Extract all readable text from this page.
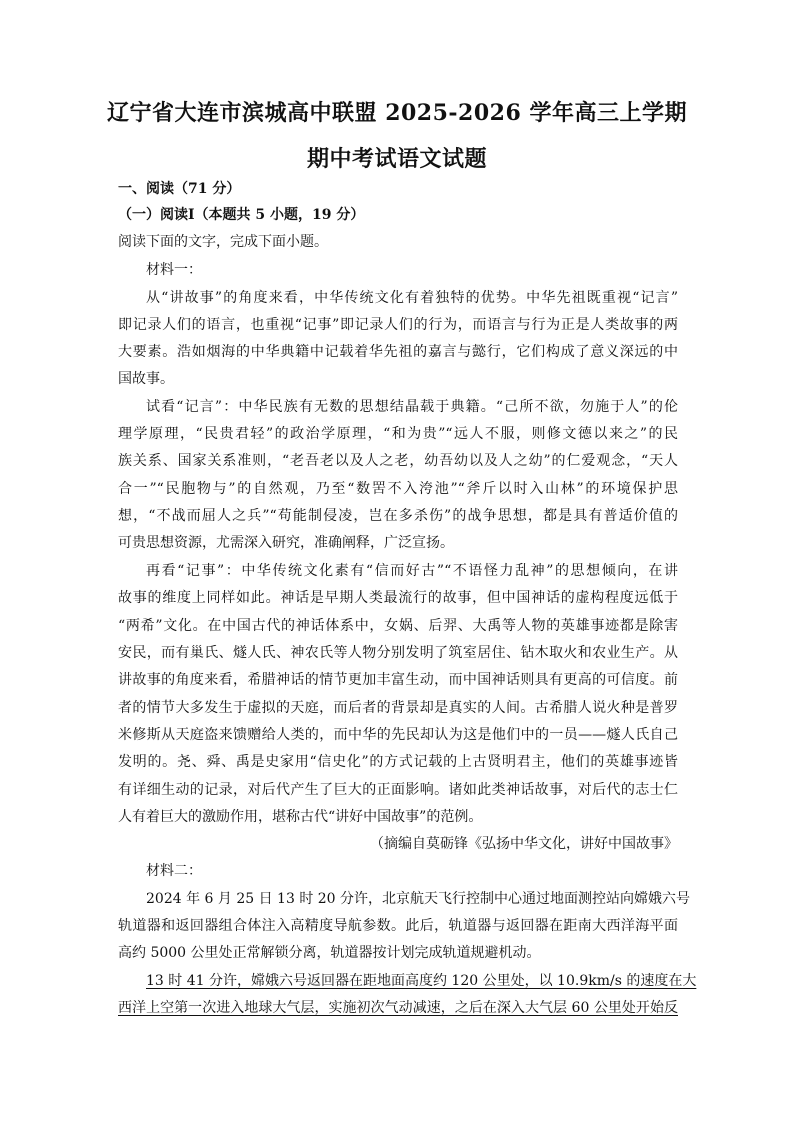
辽宁省大连市滨城高中联盟 2025-2026 学年高三上学期
期中考试语文试题
一、阅读（71 分）
（一）阅读Ⅰ（本题共 5 小题，19 分）
阅读下面的文字，完成下面小题。
材料一：
从“讲故事”的角度来看，中华传统文化有着独特的优势。中华先祖既重视“记言”
即记录人们的语言，也重视“记事”即记录人们的行为，而语言与行为正是人类故事的两
大要素。浩如烟海的中华典籍中记载着华先祖的嘉言与懿行，它们构成了意义深远的中
国故事。
试看“记言”：中华民族有无数的思想结晶载于典籍。“己所不欲，勿施于人”的伦
理学原理，“民贵君轻”的政治学原理，“和为贵”“远人不服，则修文德以来之”的民
族关系、国家关系准则，“老吾老以及人之老，幼吾幼以及人之幼”的仁爱观念，“天人
合一”“民胞物与”的自然观，乃至“数罟不入洿池”“斧斤以时入山林”的环境保护思
想，“不战而屈人之兵”“苟能制侵凌，岂在多杀伤”的战争思想，都是具有普适价值的
可贵思想资源，尤需深入研究，准确阐释，广泛宣扬。
再看“记事”：中华传统文化素有“信而好古”“不语怪力乱神”的思想倾向，在讲
故事的维度上同样如此。神话是早期人类最流行的故事，但中国神话的虚构程度远低于
“两希”文化。在中国古代的神话体系中，女娲、后羿、大禹等人物的英雄事迹都是除害
安民，而有巢氏、燧人氏、神农氏等人物分别发明了筑室居住、钻木取火和农业生产。从
讲故事的角度来看，希腊神话的情节更加丰富生动，而中国神话则具有更高的可信度。前
者的情节大多发生于虚拟的天庭，而后者的背景却是真实的人间。古希腊人说火种是普罗
米修斯从天庭盗来馈赠给人类的，而中华的先民却认为这是他们中的一员——燧人氏自己
发明的。尧、舜、禹是史家用“信史化”的方式记载的上古贤明君主，他们的英雄事迹皆
有详细生动的记录，对后代产生了巨大的正面影响。诸如此类神话故事，对后代的志士仁
人有着巨大的激励作用，堪称古代“讲好中国故事”的范例。
（摘编自莫砺锋《弘扬中华文化，讲好中国故事》
材料二：
2024 年 6 月 25 日 13 时 20 分许，北京航天飞行控制中心通过地面测控站向嫦娥六号
轨道器和返回器组合体注入高精度导航参数。此后，轨道器与返回器在距南大西洋海平面
高约 5000 公里处正常解锁分离，轨道器按计划完成轨道规避机动。
13 时 41 分许，嫦娥六号返回器在距地面高度约 120 公里处，以 10.9km/s 的速度在大
西洋上空第一次进入地球大气层，实施初次气动减速，之后在深入大气层 60 公里处开始反
